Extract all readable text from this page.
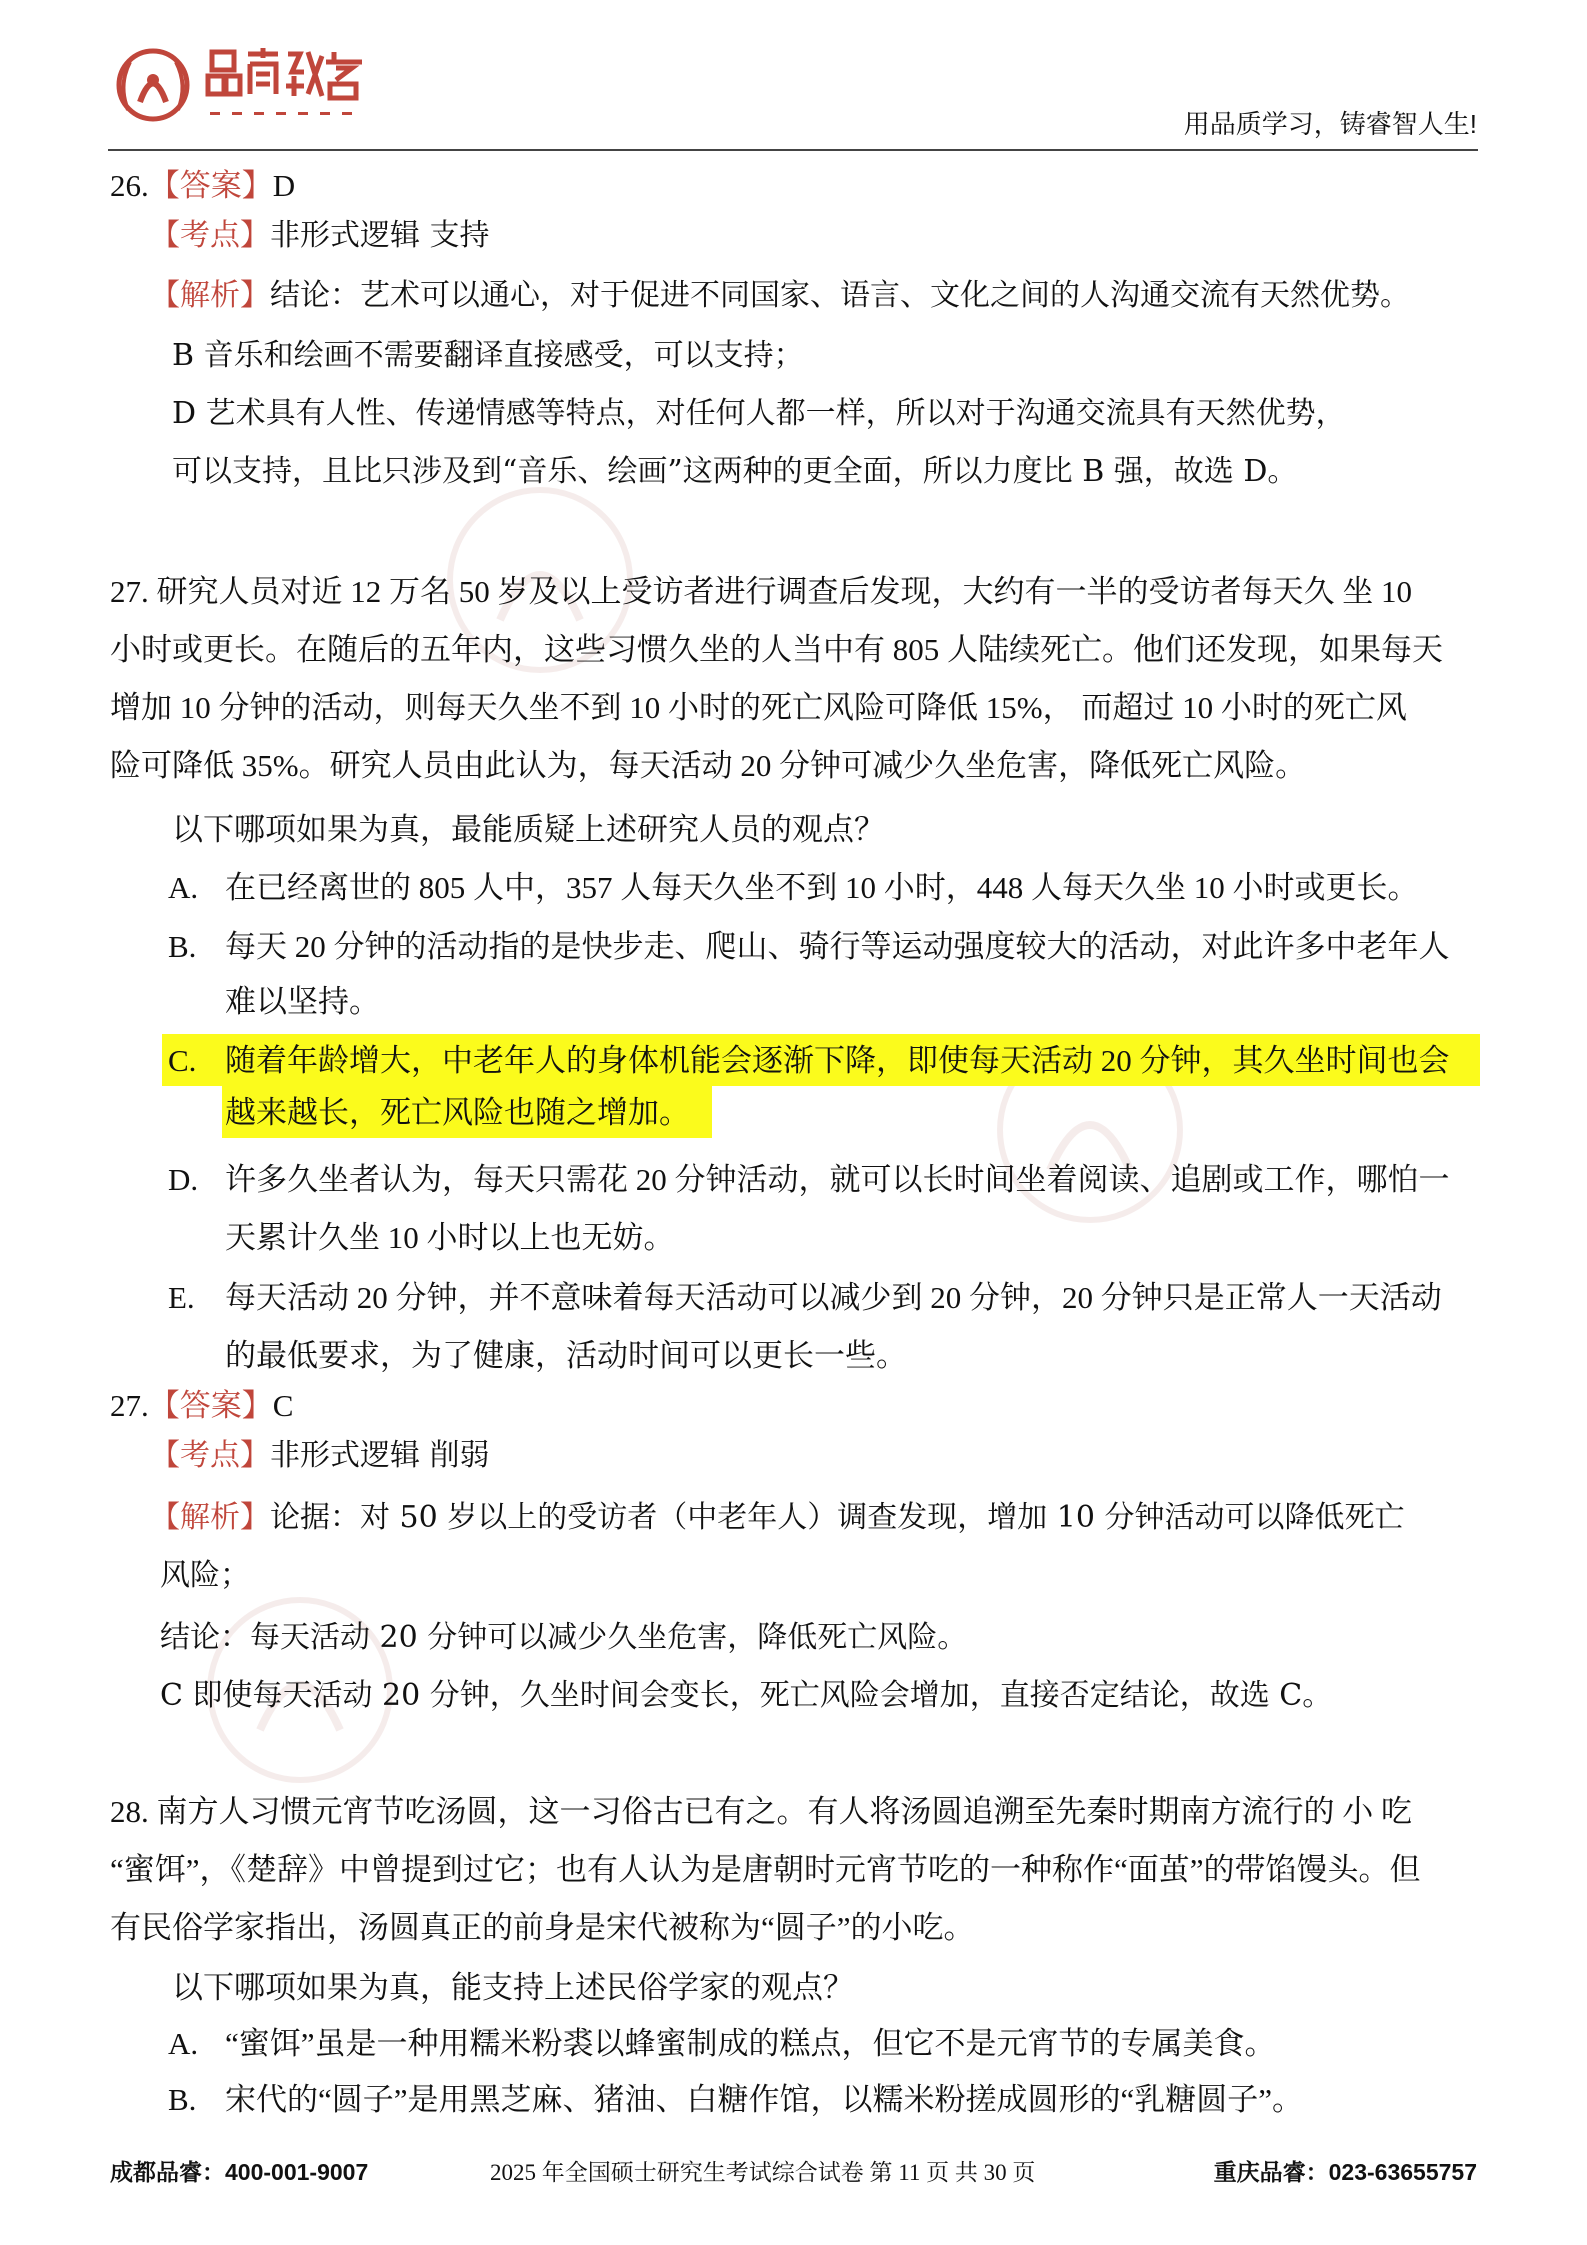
用品质学习，铸睿智人生!
26.【答案】D
【考点】非形式逻辑 支持
【解析】结论：艺术可以通心，对于促进不同国家、语言、文化之间的人沟通交流有天然优势。
B 音乐和绘画不需要翻译直接感受，可以支持；
D 艺术具有人性、传递情感等特点，对任何人都一样，所以对于沟通交流具有天然优势，
可以支持，且比只涉及到“音乐、绘画”这两种的更全面，所以力度比 B 强，故选 D。
27. 研究人员对近 12 万名 50 岁及以上受访者进行调查后发现，大约有一半的受访者每天久 坐 10
小时或更长。在随后的五年内，这些习惯久坐的人当中有 805 人陆续死亡。他们还发现，如果每天
增加 10 分钟的活动，则每天久坐不到 10 小时的死亡风险可降低 15%， 而超过 10 小时的死亡风
险可降低 35%。研究人员由此认为，每天活动 20 分钟可减少久坐危害，降低死亡风险。
以下哪项如果为真，最能质疑上述研究人员的观点？
A. 在已经离世的 805 人中，357 人每天久坐不到 10 小时，448 人每天久坐 10 小时或更长。
B. 每天 20 分钟的活动指的是快步走、爬山、骑行等运动强度较大的活动，对此许多中老年人
难以坚持。
C. 随着年龄增大，中老年人的身体机能会逐渐下降，即使每天活动 20 分钟，其久坐时间也会
越来越长，死亡风险也随之增加。
D. 许多久坐者认为，每天只需花 20 分钟活动，就可以长时间坐着阅读、追剧或工作，哪怕一
天累计久坐 10 小时以上也无妨。
E. 每天活动 20 分钟，并不意味着每天活动可以减少到 20 分钟，20 分钟只是正常人一天活动
的最低要求，为了健康，活动时间可以更长一些。
27.【答案】C
【考点】非形式逻辑 削弱
【解析】论据：对 50 岁以上的受访者（中老年人）调查发现，增加 10 分钟活动可以降低死亡
风险；
结论：每天活动 20 分钟可以减少久坐危害，降低死亡风险。
C 即使每天活动 20 分钟，久坐时间会变长，死亡风险会增加，直接否定结论，故选 C。
28. 南方人习惯元宵节吃汤圆，这一习俗古已有之。有人将汤圆追溯至先秦时期南方流行的 小 吃
“蜜饵”，《楚辞》中曾提到过它；也有人认为是唐朝时元宵节吃的一种称作“面茧”的带馅馒头。但
有民俗学家指出，汤圆真正的前身是宋代被称为“圆子”的小吃。
以下哪项如果为真，能支持上述民俗学家的观点？
A. “蜜饵”虽是一种用糯米粉裘以蜂蜜制成的糕点，但它不是元宵节的专属美食。
B. 宋代的“圆子”是用黑芝麻、猪油、白糖作馆，以糯米粉搓成圆形的“乳糖圆子”。
成都品睿：400-001-9007	2025 年全国硕士研究生考试综合试卷 第 11 页 共 30 页	重庆品睿：023-63655757
